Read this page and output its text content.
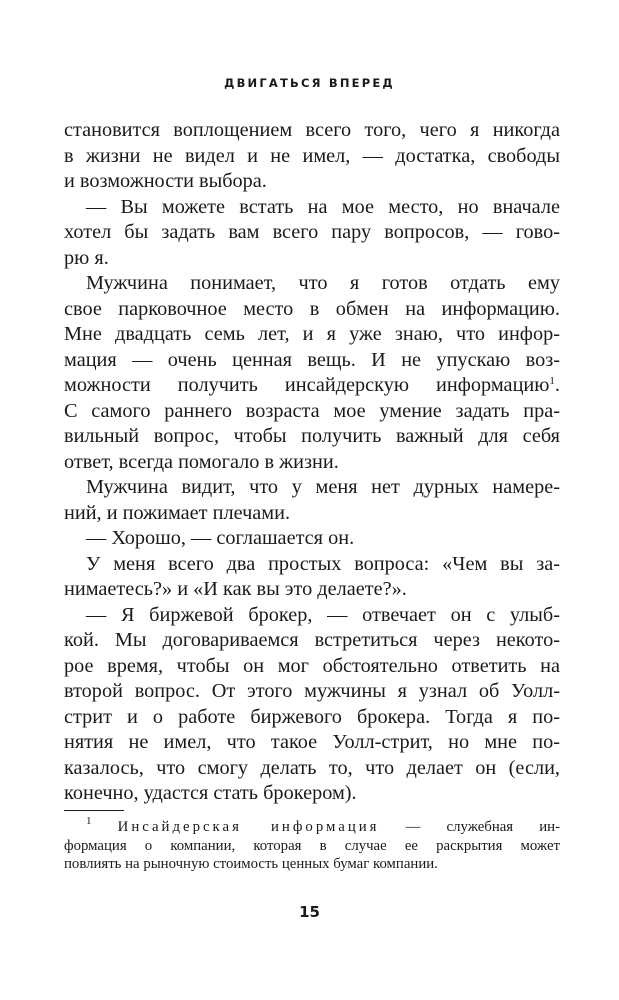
ДВИГАТЬСЯ ВПЕРЕД
становится воплощением всего того, чего я никогда
в жизни не видел и не имел, — достатка, свободы
и возможности выбора.
— Вы можете встать на мое место, но вначале
хотел бы задать вам всего пару вопросов, — гово-
рю я.
Мужчина понимает, что я готов отдать ему
свое парковочное место в обмен на информацию.
Мне двадцать семь лет, и я уже знаю, что инфор-
мация — очень ценная вещь. И не упускаю воз-
можности получить инсайдерскую информацию$^1$.
С самого раннего возраста мое умение задать пра-
вильный вопрос, чтобы получить важный для себя
ответ, всегда помогало в жизни.
Мужчина видит, что у меня нет дурных намере-
ний, и пожимает плечами.
— Хорошо, — соглашается он.
У меня всего два простых вопроса: «Чем вы за-
нимаетесь?» и «И как вы это делаете?».
— Я биржевой брокер, — отвечает он с улыб-
кой. Мы договариваемся встретиться через некото-
рое время, чтобы он мог обстоятельно ответить на
второй вопрос. От этого мужчины я узнал об Уолл-
стрит и о работе биржевого брокера. Тогда я по-
нятия не имел, что такое Уолл-стрит, но мне по-
казалось, что смогу делать то, что делает он (если,
конечно, удастся стать брокером).
$^1$ Инсайдерская информация — служебная ин-
формация о компании, которая в случае ее раскрытия может
повлиять на рыночную стоимость ценных бумаг компании.
15
